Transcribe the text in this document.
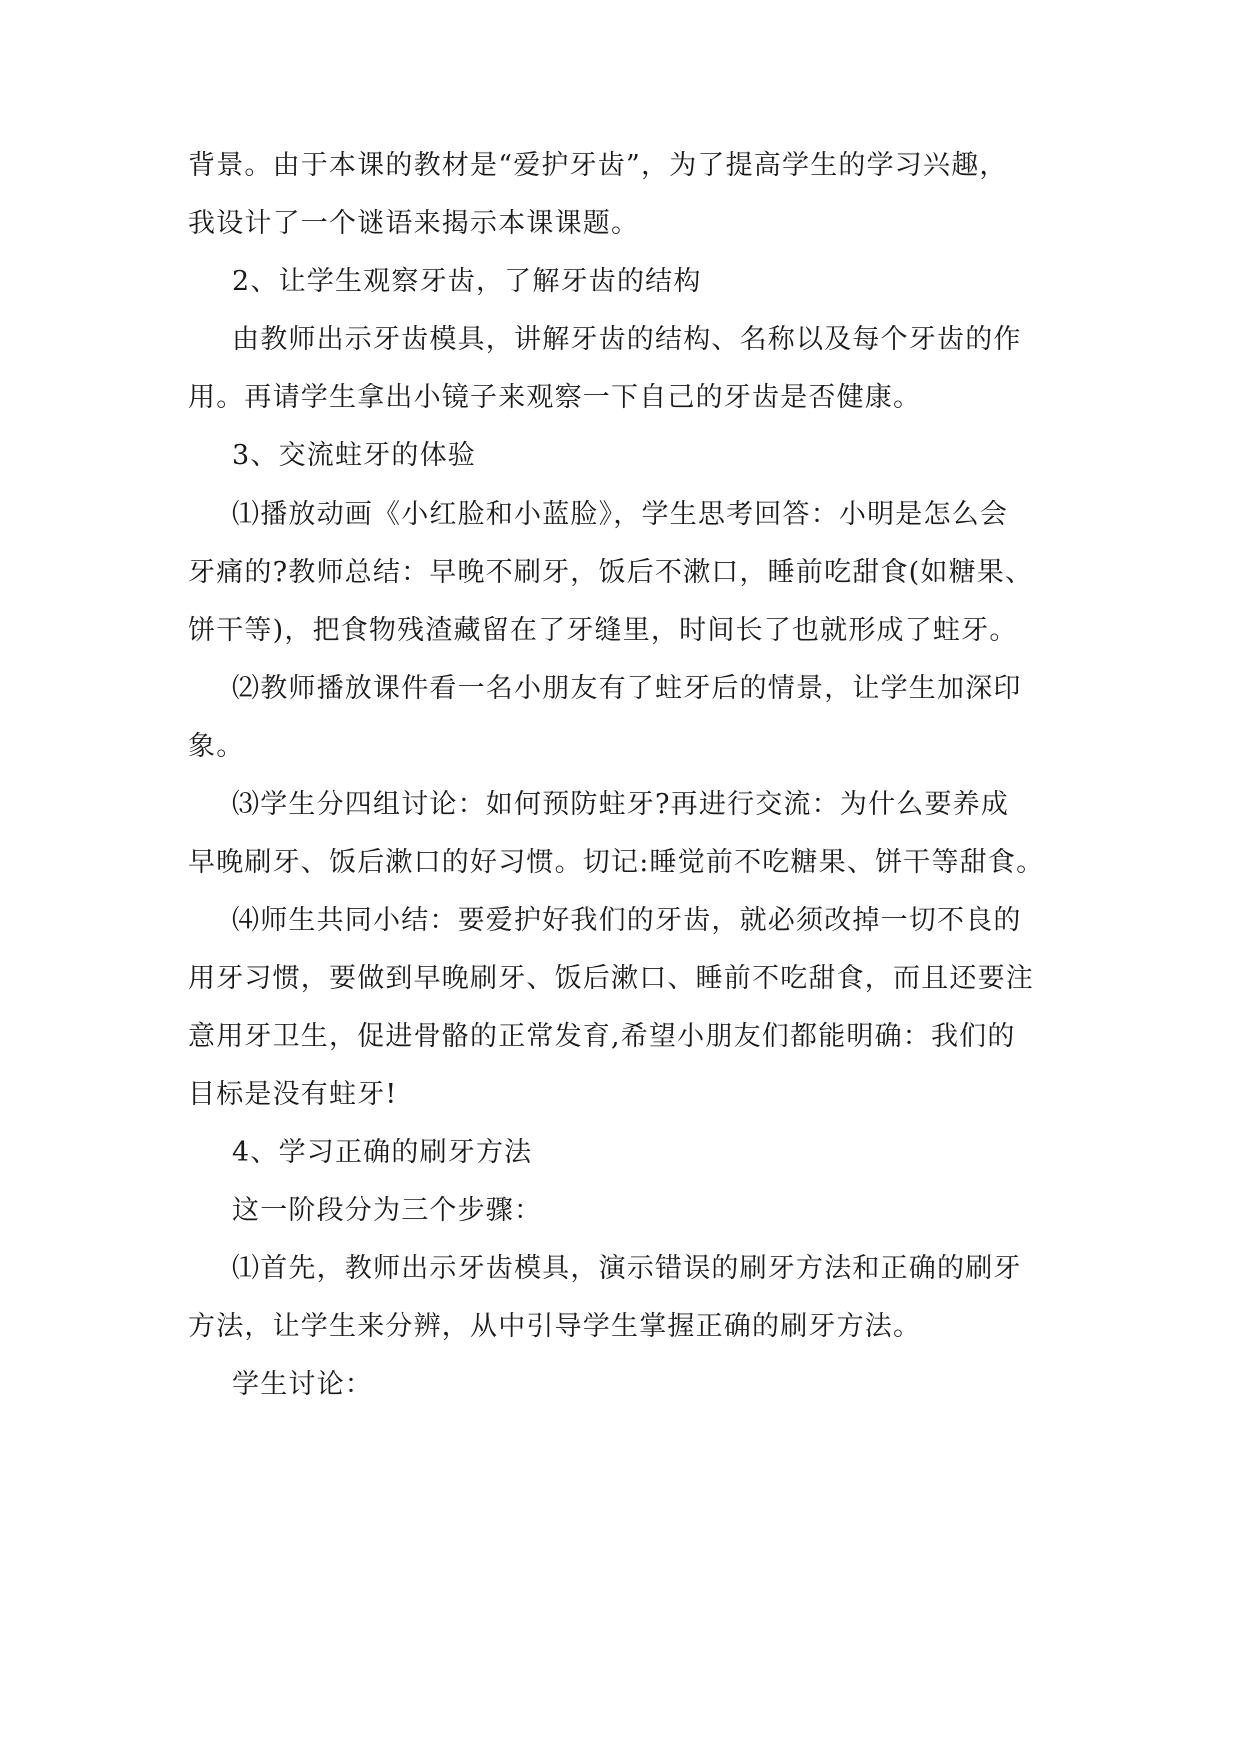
背景。由于本课的教材是“爱护牙齿”，为了提高学生的学习兴趣，
我设计了一个谜语来揭示本课课题。
2、让学生观察牙齿，了解牙齿的结构
由教师出示牙齿模具，讲解牙齿的结构、名称以及每个牙齿的作
用。再请学生拿出小镜子来观察一下自己的牙齿是否健康。
3、交流蛀牙的体验
⑴播放动画《小红脸和小蓝脸》，学生思考回答：小明是怎么会
牙痛的?教师总结：早晚不刷牙，饭后不漱口，睡前吃甜食(如糖果、
饼干等)，把食物残渣藏留在了牙缝里，时间长了也就形成了蛀牙。
⑵教师播放课件看一名小朋友有了蛀牙后的情景，让学生加深印
象。
⑶学生分四组讨论：如何预防蛀牙?再进行交流：为什么要养成
早晚刷牙、饭后漱口的好习惯。切记:睡觉前不吃糖果、饼干等甜食。
⑷师生共同小结：要爱护好我们的牙齿，就必须改掉一切不良的
用牙习惯，要做到早晚刷牙、饭后漱口、睡前不吃甜食，而且还要注
意用牙卫生，促进骨骼的正常发育,希望小朋友们都能明确：我们的
目标是没有蛀牙!
4、学习正确的刷牙方法
这一阶段分为三个步骤：
⑴首先，教师出示牙齿模具，演示错误的刷牙方法和正确的刷牙
方法，让学生来分辨，从中引导学生掌握正确的刷牙方法。
学生讨论：
